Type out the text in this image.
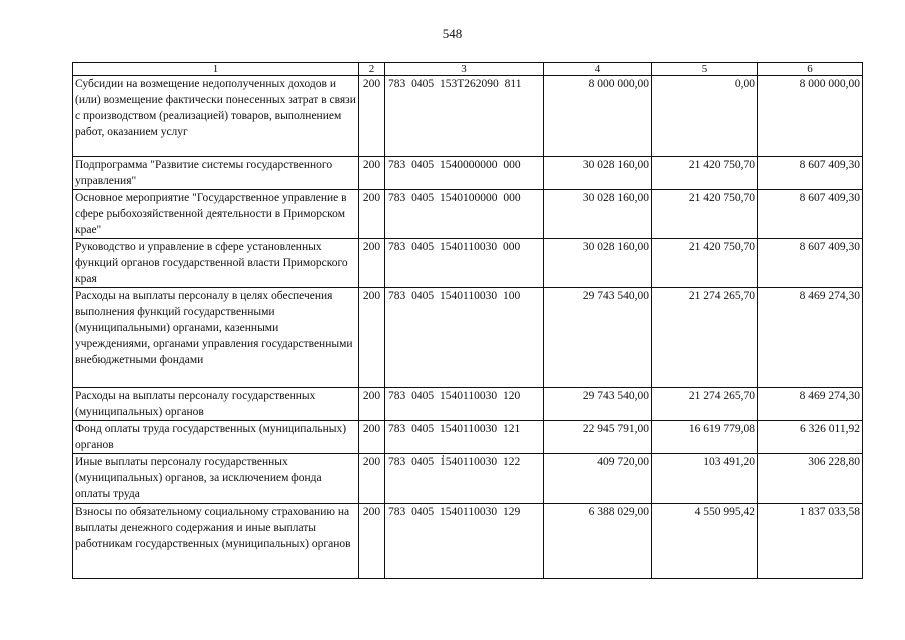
548
1	2	3	4	5	6
Субсидии на возмещение недополученных доходов и (или) возмещение фактически понесенных затрат в связи с производством (реализацией) товаров, выполнением работ, оказанием услуг	200	783 0405 153Т262090 811	8 000 000,00	0,00	8 000 000,00
Подпрограмма "Развитие системы государственного управления"	200	783 0405 1540000000 000	30 028 160,00	21 420 750,70	8 607 409,30
Основное мероприятие "Государственное управление в сфере рыбохозяйственной деятельности в Приморском крае"	200	783 0405 1540100000 000	30 028 160,00	21 420 750,70	8 607 409,30
Руководство и управление в сфере установленных функций органов государственной власти Приморского края	200	783 0405 1540110030 000	30 028 160,00	21 420 750,70	8 607 409,30
Расходы на выплаты персоналу в целях обеспечения выполнения функций государственными (муниципальными) органами, казенными учреждениями, органами управления государственными внебюджетными фондами	200	783 0405 1540110030 100	29 743 540,00	21 274 265,70	8 469 274,30
Расходы на выплаты персоналу государственных (муниципальных) органов	200	783 0405 1540110030 120	29 743 540,00	21 274 265,70	8 469 274,30
Фонд оплаты труда государственных (муниципальных) органов	200	783 0405 1540110030 121	22 945 791,00	16 619 779,08	6 326 011,92
Иные выплаты персоналу государственных (муниципальных) органов, за исключением фонда оплаты труда	200	783 0405 1540110030 122	409 720,00	103 491,20	306 228,80
Взносы по обязательному социальному страхованию на выплаты денежного содержания и иные выплаты работникам государственных (муниципальных) органов	200	783 0405 1540110030 129	6 388 029,00	4 550 995,42	1 837 033,58
,
